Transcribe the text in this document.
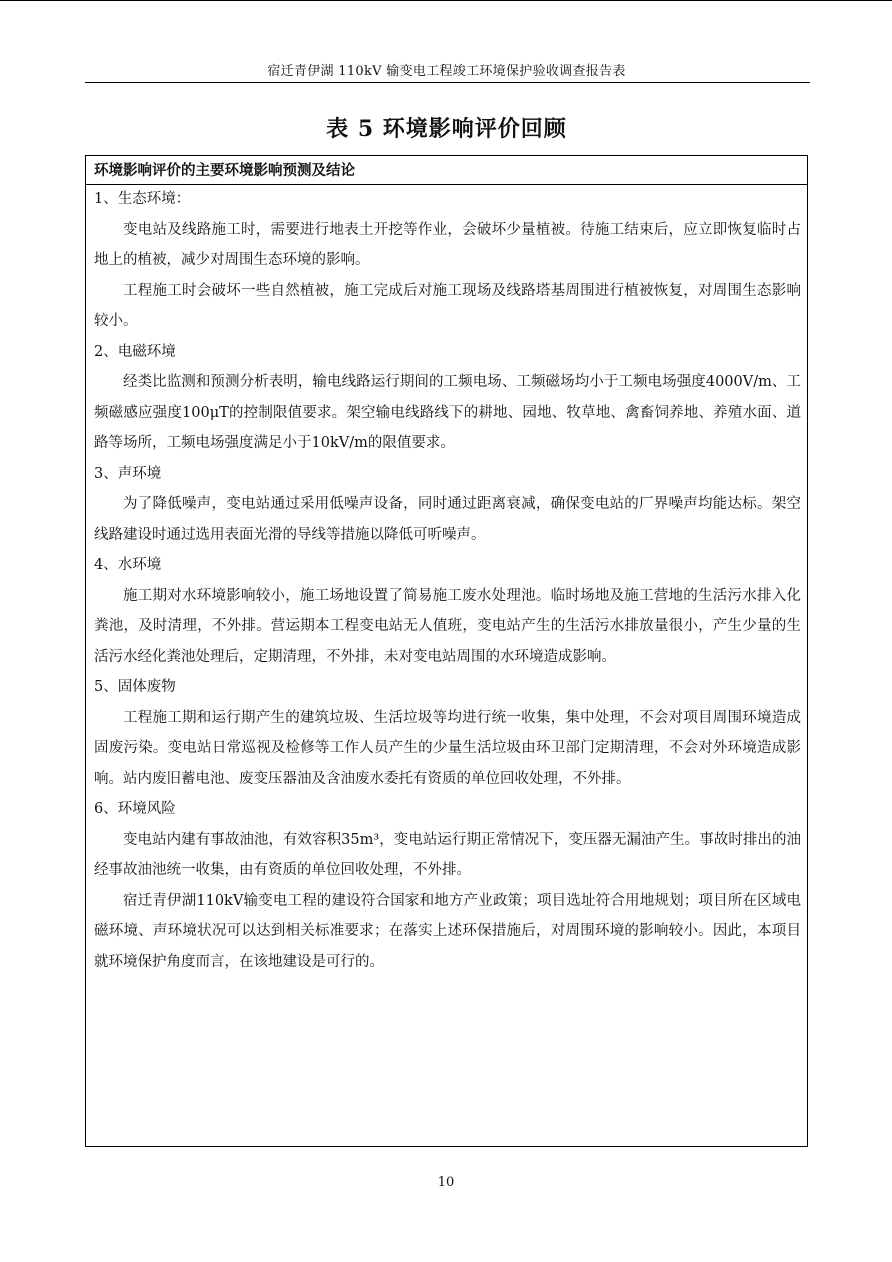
宿迁青伊湖 110kV 输变电工程竣工环境保护验收调查报告表
表 5 环境影响评价回顾
环境影响评价的主要环境影响预测及结论

1、生态环境：

变电站及线路施工时，需要进行地表土开挖等作业，会破坏少量植被。待施工结束后，应立即恢复临时占地上的植被，减少对周围生态环境的影响。

工程施工时会破坏一些自然植被，施工完成后对施工现场及线路塔基周围进行植被恢复，对周围生态影响较小。

2、电磁环境

经类比监测和预测分析表明，输电线路运行期间的工频电场、工频磁场均小于工频电场强度4000V/m、工频磁感应强度100μT的控制限值要求。架空输电线路线下的耕地、园地、牧草地、禽畜饲养地、养殖水面、道路等场所，工频电场强度满足小于10kV/m的限值要求。

3、声环境

为了降低噪声，变电站通过采用低噪声设备，同时通过距离衰减，确保变电站的厂界噪声均能达标。架空线路建设时通过选用表面光滑的导线等措施以降低可听噪声。

4、水环境

施工期对水环境影响较小，施工场地设置了简易施工废水处理池。临时场地及施工营地的生活污水排入化粪池，及时清理，不外排。营运期本工程变电站无人值班，变电站产生的生活污水排放量很小，产生少量的生活污水经化粪池处理后，定期清理，不外排，未对变电站周围的水环境造成影响。

5、固体废物

工程施工期和运行期产生的建筑垃圾、生活垃圾等均进行统一收集，集中处理，不会对项目周围环境造成固废污染。变电站日常巡视及检修等工作人员产生的少量生活垃圾由环卫部门定期清理，不会对外环境造成影响。站内废旧蓄电池、废变压器油及含油废水委托有资质的单位回收处理，不外排。

6、环境风险

变电站内建有事故油池，有效容积35m³，变电站运行期正常情况下，变压器无漏油产生。事故时排出的油经事故油池统一收集，由有资质的单位回收处理，不外排。

宿迁青伊湖110kV输变电工程的建设符合国家和地方产业政策；项目选址符合用地规划；项目所在区域电磁环境、声环境状况可以达到相关标准要求；在落实上述环保措施后，对周围环境的影响较小。因此，本项目就环境保护角度而言，在该地建设是可行的。

10
